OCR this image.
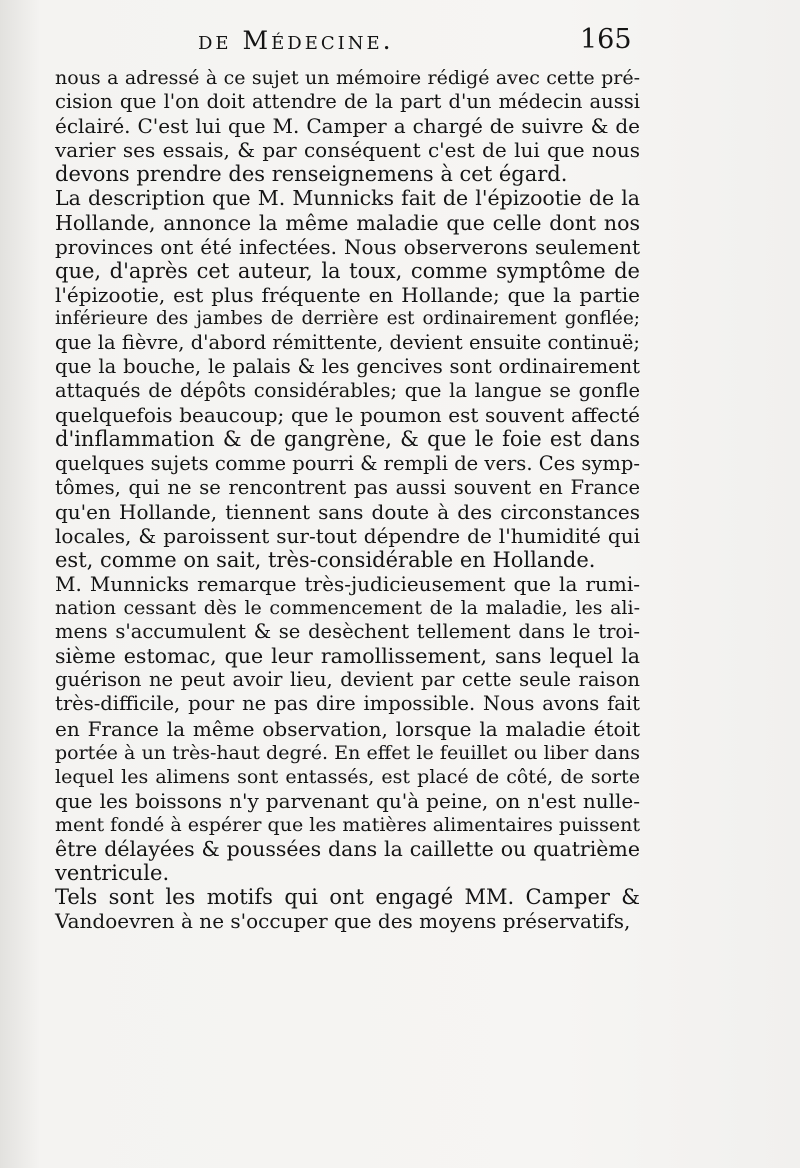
de Médecine.	165
nous a adressé à ce sujet un mémoire rédigé avec cette pré-
cision que l'on doit attendre de la part d'un médecin aussi
éclairé. C'est lui que M. Camper a chargé de suivre & de
varier ses essais, & par conséquent c'est de lui que nous
devons prendre des renseignemens à cet égard.
La description que M. Munnicks fait de l'épizootie de la
Hollande, annonce la même maladie que celle dont nos
provinces ont été infectées. Nous observerons seulement
que, d'après cet auteur, la toux, comme symptôme de
l'épizootie, est plus fréquente en Hollande; que la partie
inférieure des jambes de derrière est ordinairement gonflée;
que la fièvre, d'abord rémittente, devient ensuite continuë;
que la bouche, le palais & les gencives sont ordinairement
attaqués de dépôts considérables; que la langue se gonfle
quelquefois beaucoup; que le poumon est souvent affecté
d'inflammation & de gangrène, & que le foie est dans
quelques sujets comme pourri & rempli de vers. Ces symp-
tômes, qui ne se rencontrent pas aussi souvent en France
qu'en Hollande, tiennent sans doute à des circonstances
locales, & paroissent sur-tout dépendre de l'humidité qui
est, comme on sait, très-considérable en Hollande.
M. Munnicks remarque très-judicieusement que la rumi-
nation cessant dès le commencement de la maladie, les ali-
mens s'accumulent & se desèchent tellement dans le troi-
sième estomac, que leur ramollissement, sans lequel la
guérison ne peut avoir lieu, devient par cette seule raison
très-difficile, pour ne pas dire impossible. Nous avons fait
en France la même observation, lorsque la maladie étoit
portée à un très-haut degré. En effet le feuillet ou liber dans
lequel les alimens sont entassés, est placé de côté, de sorte
que les boissons n'y parvenant qu'à peine, on n'est nulle-
ment fondé à espérer que les matières alimentaires puissent
être délayées & poussées dans la caillette ou quatrième
ventricule.
Tels sont les motifs qui ont engagé MM. Camper &
Vandoevren à ne s'occuper que des moyens préservatifs,
